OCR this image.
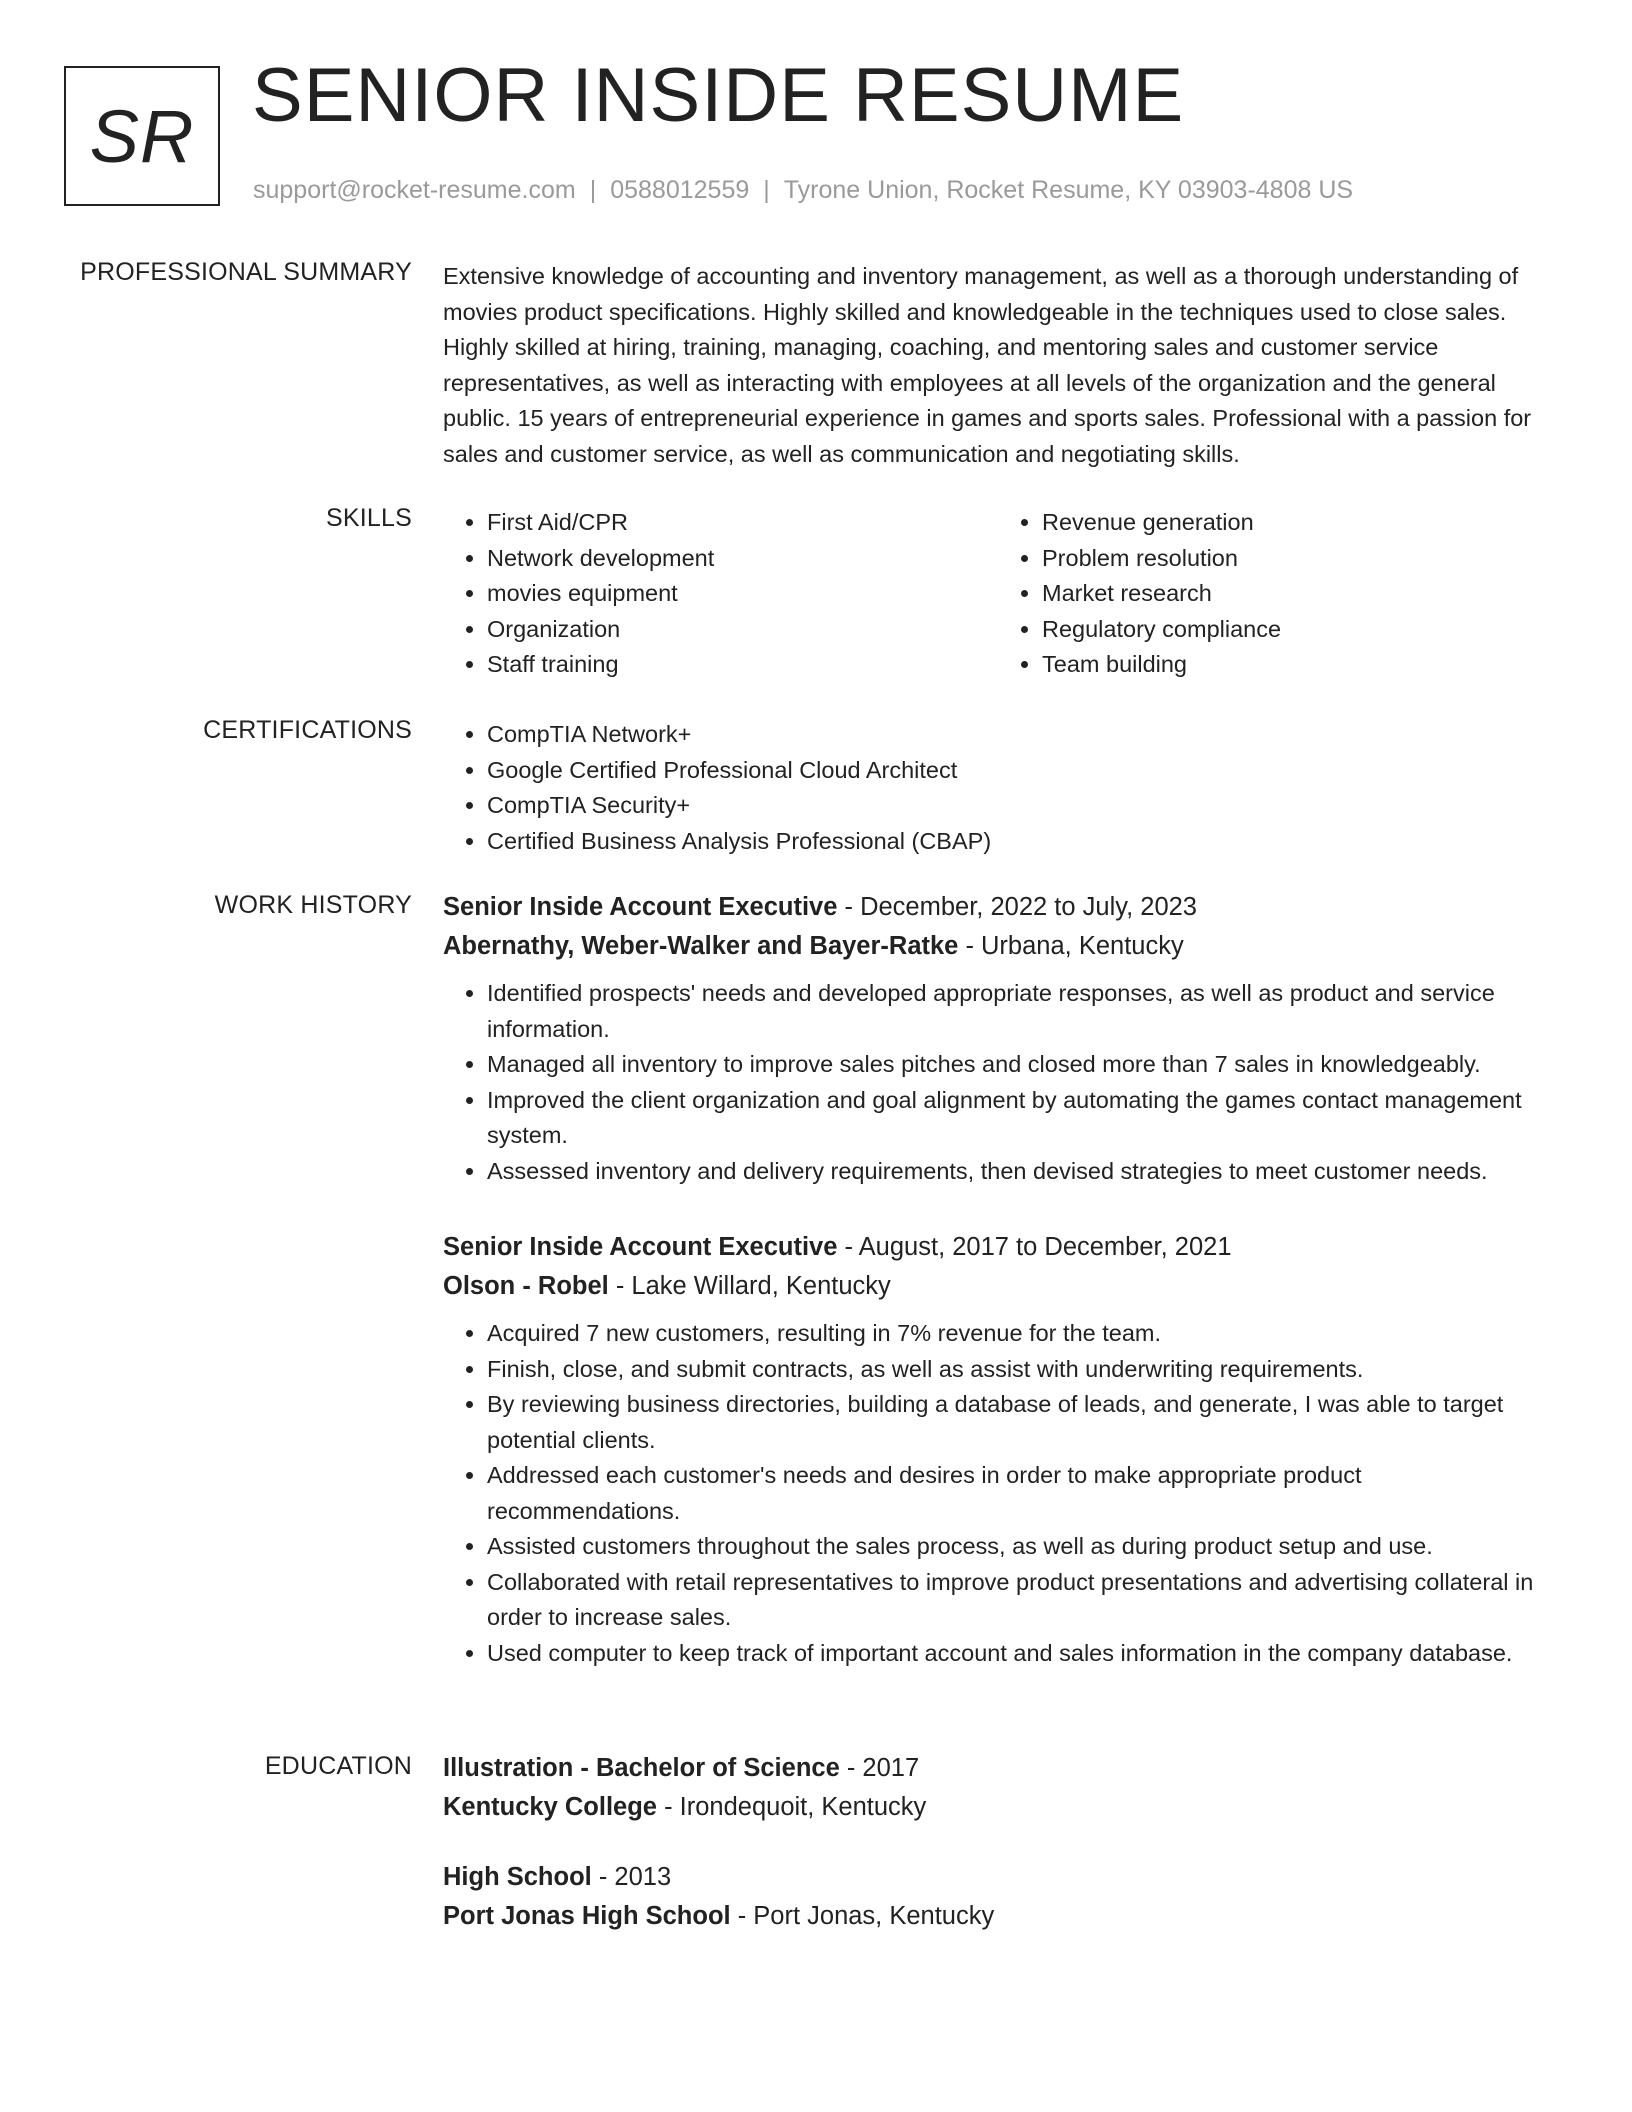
SR SENIOR INSIDE RESUME
support@rocket-resume.com | 0588012559 | Tyrone Union, Rocket Resume, KY 03903-4808 US
PROFESSIONAL SUMMARY Extensive knowledge of accounting and inventory management, as well as a thorough understanding of movies product specifications. Highly skilled and knowledgeable in the techniques used to close sales. Highly skilled at hiring, training, managing, coaching, and mentoring sales and customer service representatives, as well as interacting with employees at all levels of the organization and the general public. 15 years of entrepreneurial experience in games and sports sales. Professional with a passion for sales and customer service, as well as communication and negotiating skills.
SKILLS	• First Aid/CPR
• Network development
• movies equipment
• Organization
• Staff training
• Revenue generation
• Problem resolution
• Market research
• Regulatory compliance
• Team building
CERTIFICATIONS	• CompTIA Network+
• Google Certified Professional Cloud Architect
• CompTIA Security+
• Certified Business Analysis Professional (CBAP)
WORK HISTORY Senior Inside Account Executive - December, 2022 to July, 2023
Abernathy, Weber-Walker and Bayer-Ratke - Urbana, Kentucky
• Identified prospects' needs and developed appropriate responses, as well as product and service information.
• Managed all inventory to improve sales pitches and closed more than 7 sales in knowledgeably.
• Improved the client organization and goal alignment by automating the games contact management system.
• Assessed inventory and delivery requirements, then devised strategies to meet customer needs.
Senior Inside Account Executive - August, 2017 to December, 2021
Olson - Robel - Lake Willard, Kentucky
• Acquired 7 new customers, resulting in 7% revenue for the team.
• Finish, close, and submit contracts, as well as assist with underwriting requirements.
• By reviewing business directories, building a database of leads, and generate, I was able to target potential clients.
• Addressed each customer's needs and desires in order to make appropriate product recommendations.
• Assisted customers throughout the sales process, as well as during product setup and use.
• Collaborated with retail representatives to improve product presentations and advertising collateral in order to increase sales.
• Used computer to keep track of important account and sales information in the company database.
EDUCATION Illustration - Bachelor of Science - 2017
Kentucky College - Irondequoit, Kentucky
High School - 2013
Port Jonas High School - Port Jonas, Kentucky
